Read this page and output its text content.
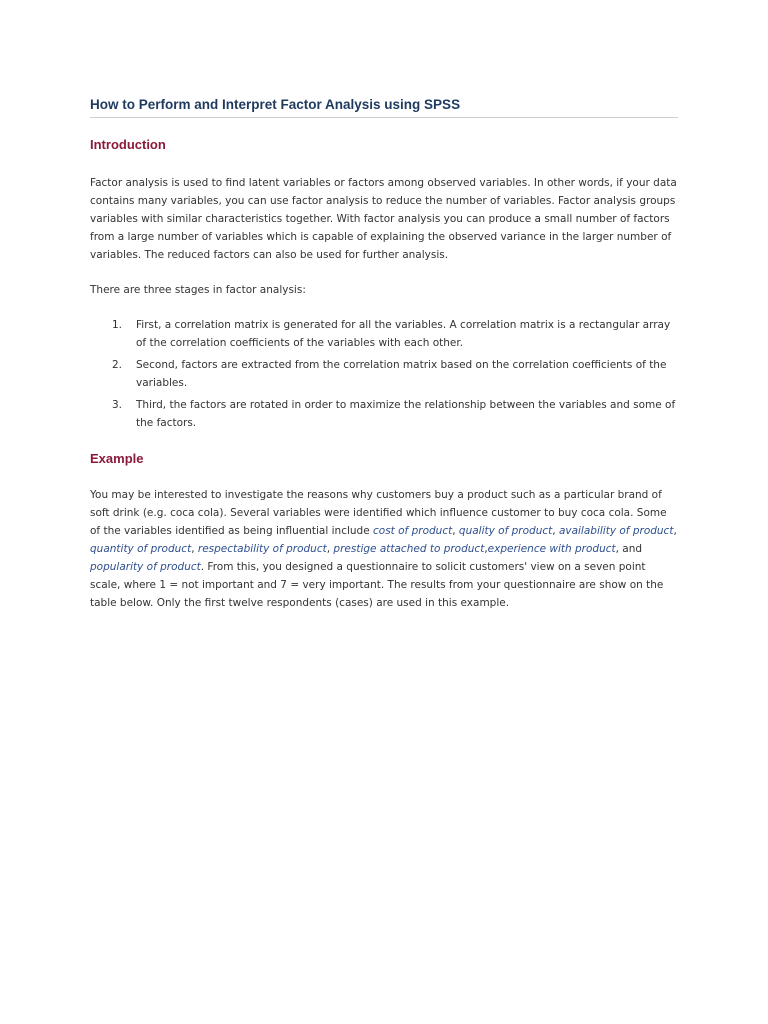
How to Perform and Interpret Factor Analysis using SPSS
Introduction

Factor analysis is used to find latent variables or factors among observed variables. In other words, if your data contains many variables, you can use factor analysis to reduce the number of variables. Factor analysis groups variables with similar characteristics together. With factor analysis you can produce a small number of factors from a large number of variables which is capable of explaining the observed variance in the larger number of variables. The reduced factors can also be used for further analysis.

There are three stages in factor analysis:

1. First, a correlation matrix is generated for all the variables. A correlation matrix is a rectangular array of the correlation coefficients of the variables with each other.
2. Second, factors are extracted from the correlation matrix based on the correlation coefficients of the variables.
3. Third, the factors are rotated in order to maximize the relationship between the variables and some of the factors.
Example

You may be interested to investigate the reasons why customers buy a product such as a particular brand of soft drink (e.g. coca cola). Several variables were identified which influence customer to buy coca cola. Some of the variables identified as being influential include cost of product, quality of product, availability of product, quantity of product, respectability of product, prestige attached to product,experience with product, and popularity of product. From this, you designed a questionnaire to solicit customers' view on a seven point scale, where 1 = not important and 7 = very important. The results from your questionnaire are show on the table below. Only the first twelve respondents (cases) are used in this example.
